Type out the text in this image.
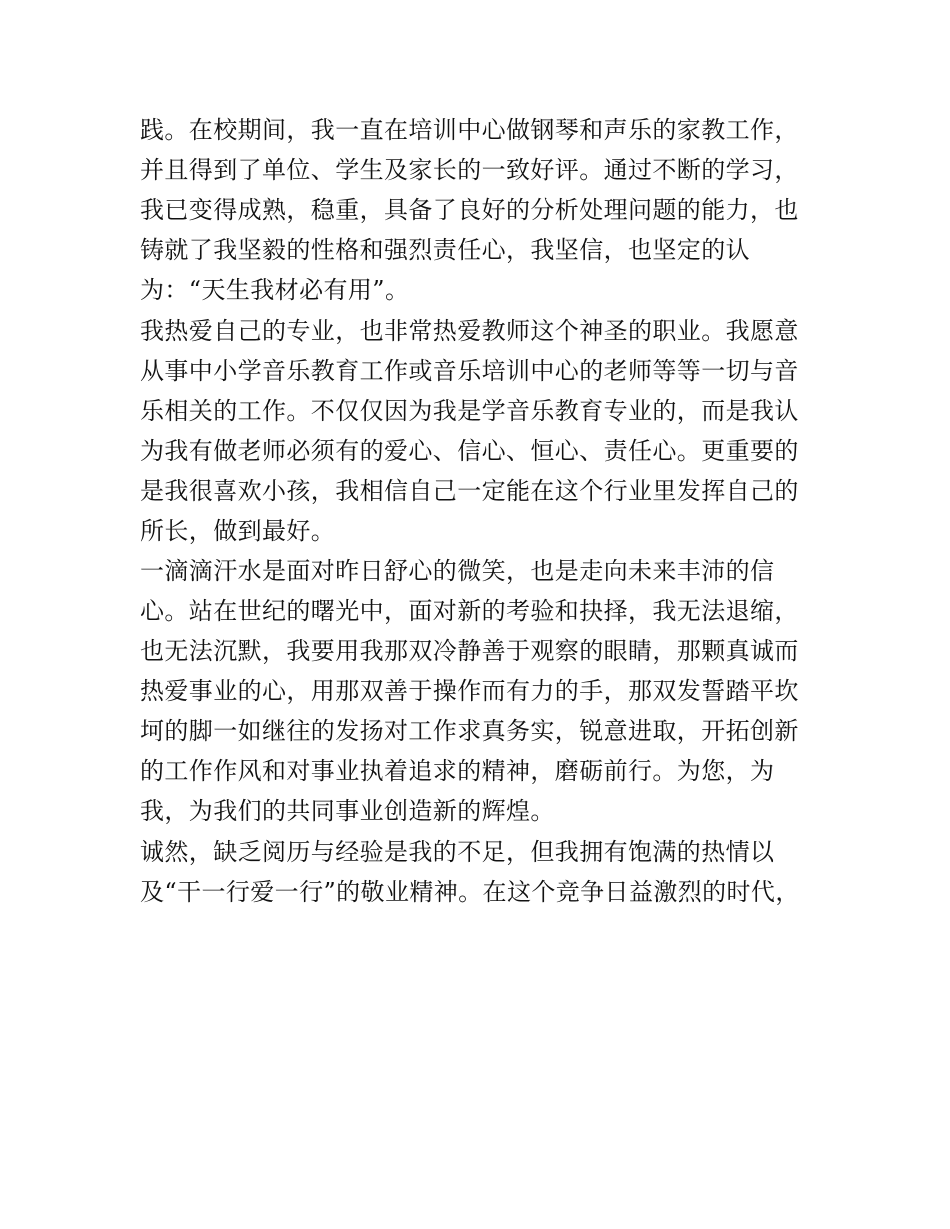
践。在校期间，我一直在培训中心做钢琴和声乐的家教工作，
并且得到了单位、学生及家长的一致好评。通过不断的学习，
我已变得成熟，稳重，具备了良好的分析处理问题的能力，也
铸就了我坚毅的性格和强烈责任心，我坚信，也坚定的认
为：“天生我材必有用”。
我热爱自己的专业，也非常热爱教师这个神圣的职业。我愿意
从事中小学音乐教育工作或音乐培训中心的老师等等一切与音
乐相关的工作。不仅仅因为我是学音乐教育专业的，而是我认
为我有做老师必须有的爱心、信心、恒心、责任心。更重要的
是我很喜欢小孩，我相信自己一定能在这个行业里发挥自己的
所长，做到最好。
一滴滴汗水是面对昨日舒心的微笑，也是走向未来丰沛的信
心。站在世纪的曙光中，面对新的考验和抉择，我无法退缩，
也无法沉默，我要用我那双冷静善于观察的眼睛，那颗真诚而
热爱事业的心，用那双善于操作而有力的手，那双发誓踏平坎
坷的脚一如继往的发扬对工作求真务实，锐意进取，开拓创新
的工作作风和对事业执着追求的精神，磨砺前行。为您，为
我，为我们的共同事业创造新的辉煌。
诚然，缺乏阅历与经验是我的不足，但我拥有饱满的热情以
及“干一行爱一行”的敬业精神。在这个竞争日益激烈的时代，
